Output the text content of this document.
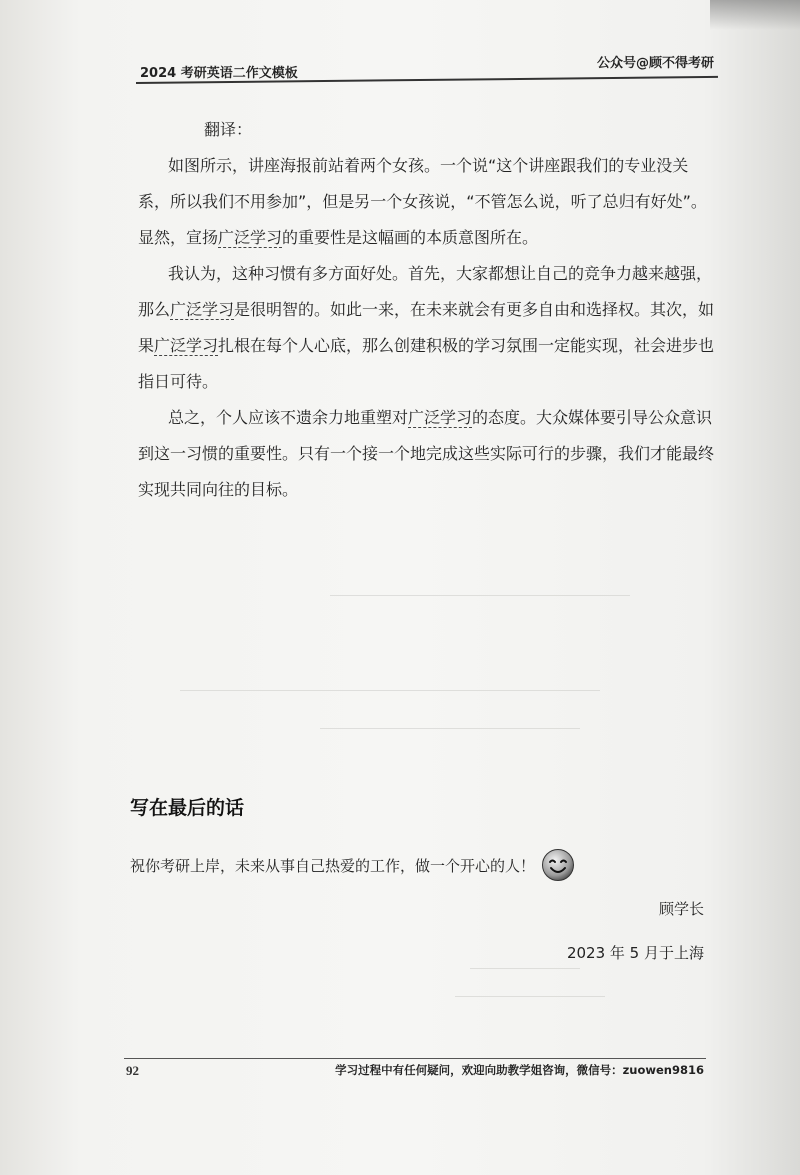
2024 考研英语二作文模板
公众号@顾不得考研

翻译：

如图所示，讲座海报前站着两个女孩。一个说“这个讲座跟我们的专业没关系，所以我们不用参加”，但是另一个女孩说，“不管怎么说，听了总归有好处”。显然，宣扬广泛学习的重要性是这幅画的本质意图所在。

我认为，这种习惯有多方面好处。首先，大家都想让自己的竞争力越来越强，那么广泛学习是很明智的。如此一来，在未来就会有更多自由和选择权。其次，如果广泛学习扎根在每个人心底，那么创建积极的学习氛围一定能实现，社会进步也指日可待。

总之，个人应该不遗余力地重塑对广泛学习的态度。大众媒体要引导公众意识到这一习惯的重要性。只有一个接一个地完成这些实际可行的步骤，我们才能最终实现共同向往的目标。

写在最后的话
祝你考研上岸，未来从事自己热爱的工作，做一个开心的人！
顾学长
2023 年 5 月于上海
92	学习过程中有任何疑问，欢迎向助教学姐咨询，微信号：zuowen9816
